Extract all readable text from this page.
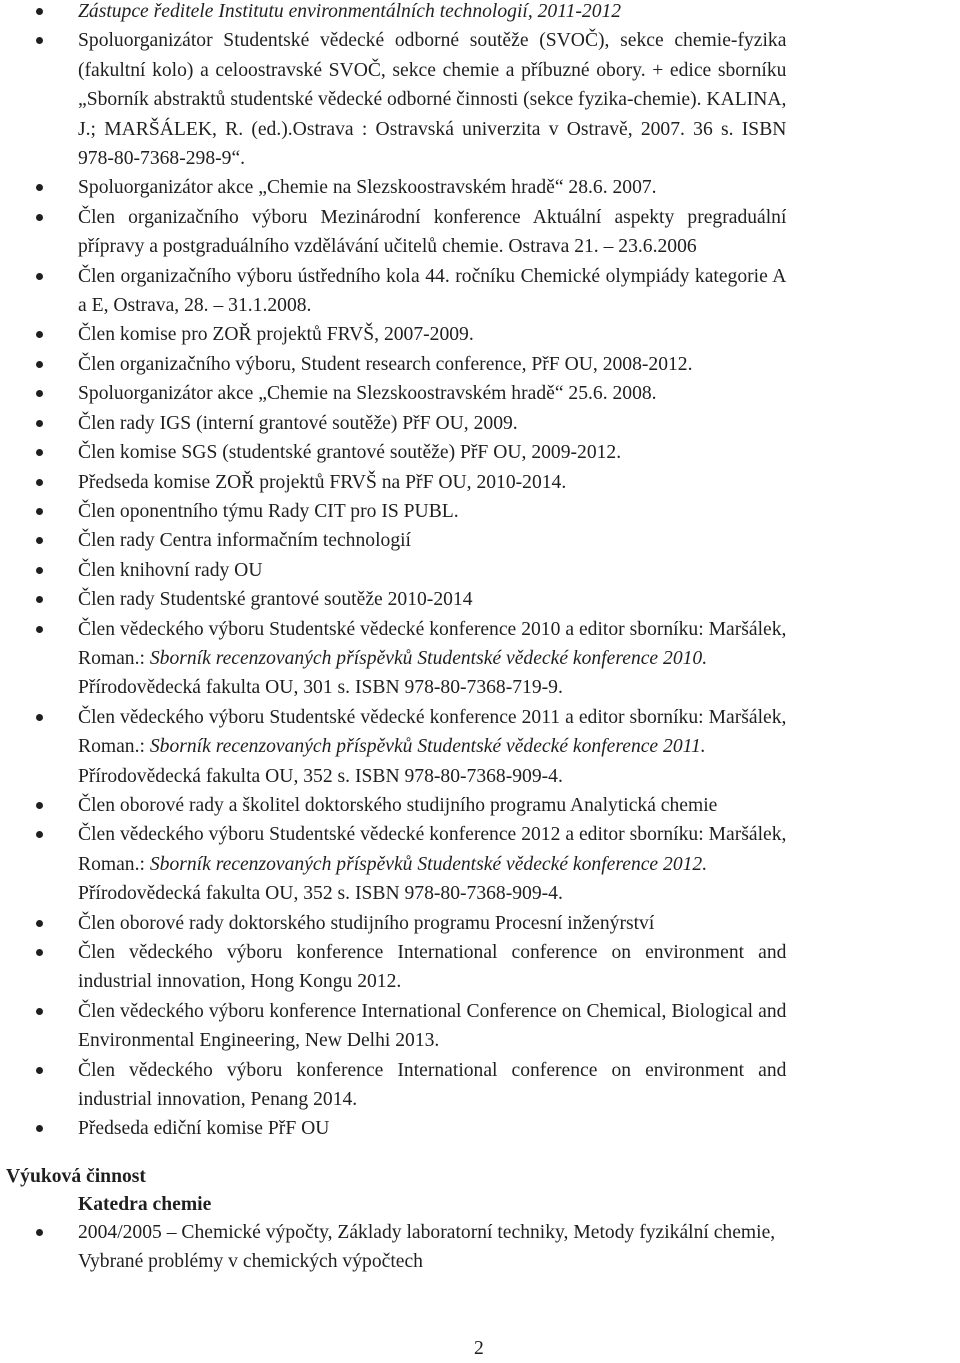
Zástupce ředitele Institutu environmentálních technologií, 2011-2012
Spoluorganizátor Studentské vědecké odborné soutěže (SVOČ), sekce chemie-fyzika
(fakultní kolo) a celoostravské SVOČ, sekce chemie a příbuzné obory. + edice sborníku
„Sborník abstraktů studentské vědecké odborné činnosti (sekce fyzika-chemie). KALINA,
J.; MARŠÁLEK, R. (ed.).Ostrava : Ostravská univerzita v Ostravě, 2007. 36 s. ISBN
978-80-7368-298-9“.
Spoluorganizátor akce „Chemie na Slezskoostravském hradě“ 28.6. 2007.
Člen organizačního výboru Mezinárodní konference Aktuální aspekty pregraduální
přípravy a postgraduálního vzdělávání učitelů chemie. Ostrava 21. – 23.6.2006
Člen organizačního výboru ústředního kola 44. ročníku Chemické olympiády kategorie A
a E, Ostrava, 28. – 31.1.2008.
Člen komise pro ZOŘ projektů FRVŠ, 2007-2009.
Člen organizačního výboru, Student research conference, PřF OU, 2008-2012.
Spoluorganizátor akce „Chemie na Slezskoostravském hradě“ 25.6. 2008.
Člen rady IGS (interní grantové soutěže) PřF OU, 2009.
Člen komise SGS (studentské grantové soutěže) PřF OU, 2009-2012.
Předseda komise ZOŘ projektů FRVŠ na PřF OU, 2010-2014.
Člen oponentního týmu Rady CIT pro IS PUBL.
Člen rady Centra informačním technologií
Člen knihovní rady OU
Člen rady Studentské grantové soutěže 2010-2014
Člen vědeckého výboru Studentské vědecké konference 2010 a editor sborníku: Maršálek,
Roman.: Sborník recenzovaných příspěvků Studentské vědecké konference 2010.
Přírodovědecká fakulta OU, 301 s. ISBN 978-80-7368-719-9.
Člen vědeckého výboru Studentské vědecké konference 2011 a editor sborníku: Maršálek,
Roman.: Sborník recenzovaných příspěvků Studentské vědecké konference 2011.
Přírodovědecká fakulta OU, 352 s. ISBN 978-80-7368-909-4.
Člen oborové rady a školitel doktorského studijního programu Analytická chemie
Člen vědeckého výboru Studentské vědecké konference 2012 a editor sborníku: Maršálek,
Roman.: Sborník recenzovaných příspěvků Studentské vědecké konference 2012.
Přírodovědecká fakulta OU, 352 s. ISBN 978-80-7368-909-4.
Člen oborové rady doktorského studijního programu Procesní inženýrství
Člen vědeckého výboru konference International conference on environment and
industrial innovation, Hong Kongu 2012.
Člen vědeckého výboru konference International Conference on Chemical, Biological and
Environmental Engineering, New Delhi 2013.
Člen vědeckého výboru konference International conference on environment and
industrial innovation, Penang 2014.
Předseda ediční komise PřF OU
Výuková činnost
Katedra chemie
2004/2005 – Chemické výpočty, Základy laboratorní techniky, Metody fyzikální chemie,
Vybrané problémy v chemických výpočtech
2
